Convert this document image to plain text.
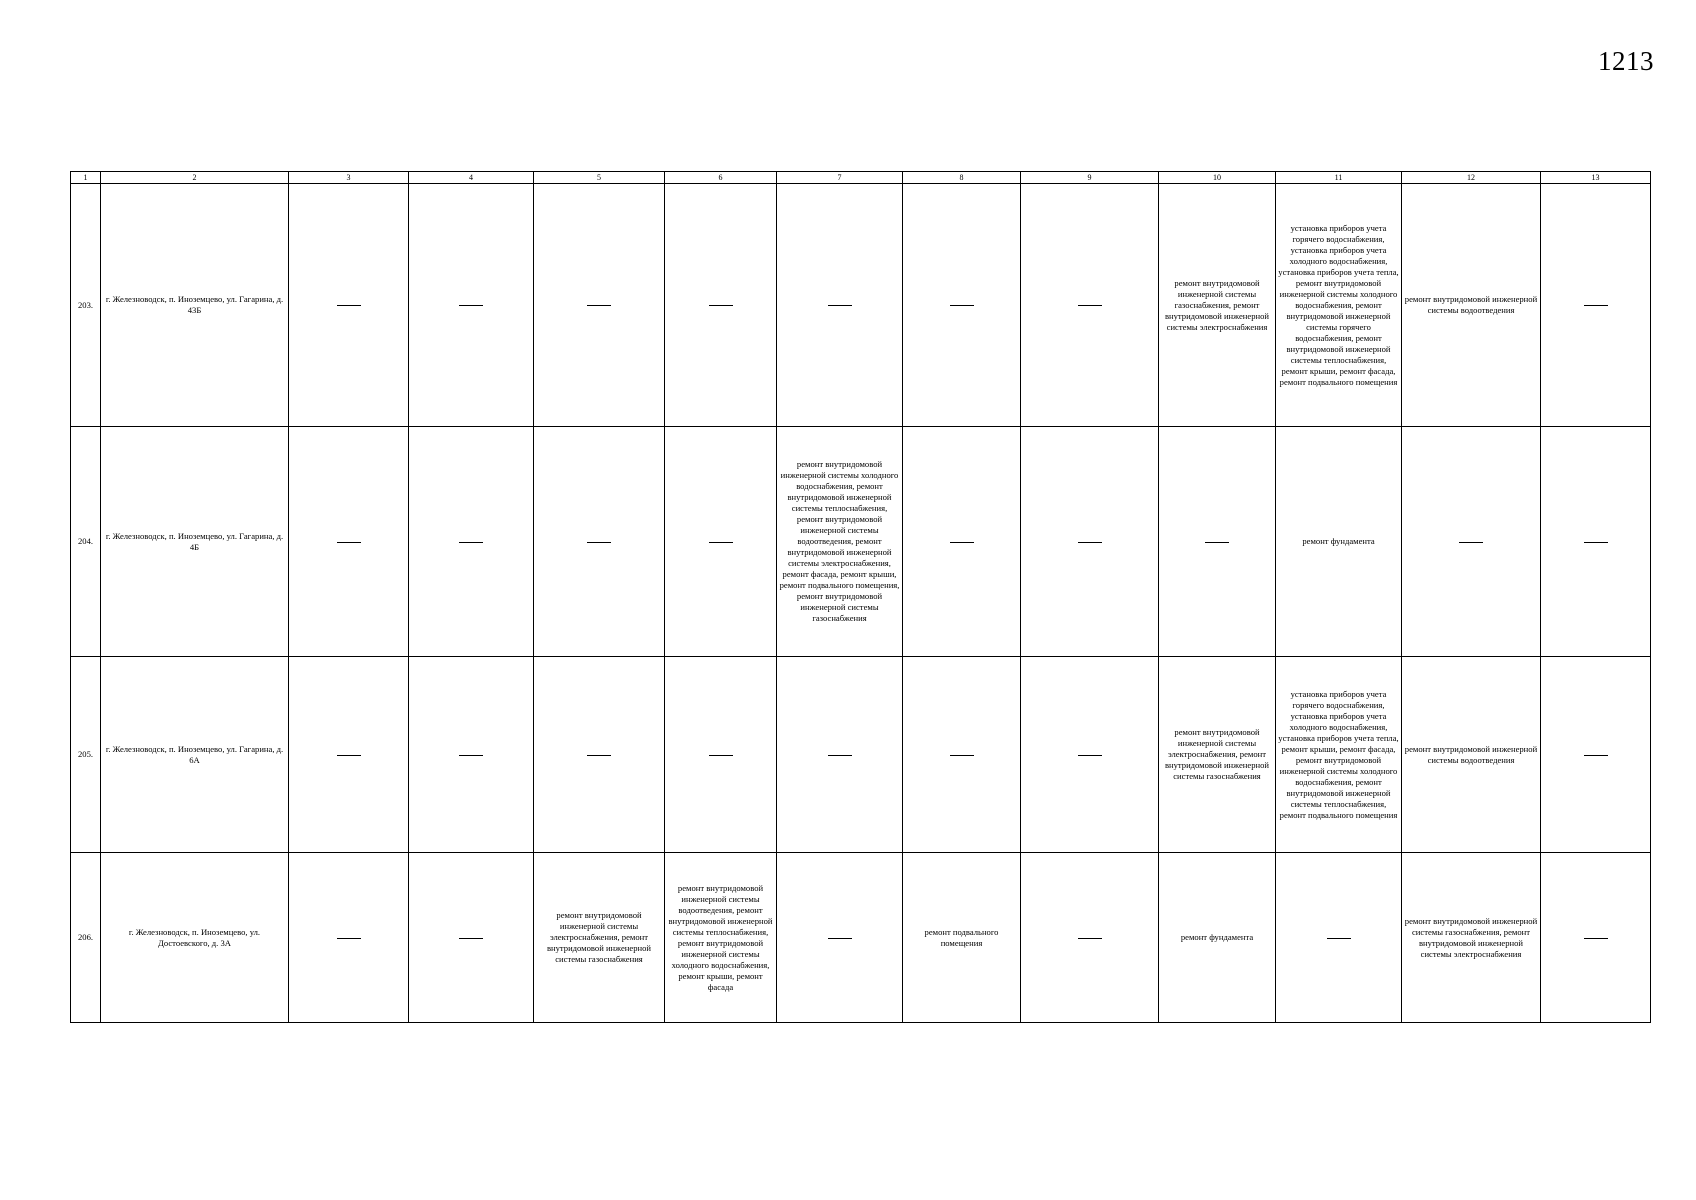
1213
1	2	3	4	5	6	7	8	9	10	11	12	13
203.	г. Железноводск, п. Иноземцево, ул. Гагарина, д. 43Б								ремонт внутридомовой инженерной системы газоснабжения, ремонт внутридомовой инженерной системы электроснабжения	установка приборов учета горячего водоснабжения, установка приборов учета холодного водоснабжения, установка приборов учета тепла, ремонт внутридомовой инженерной системы холодного водоснабжения, ремонт внутридомовой инженерной системы горячего водоснабжения, ремонт внутридомовой инженерной системы теплоснабжения, ремонт крыши, ремонт фасада, ремонт подвального помещения	ремонт внутридомовой инженерной системы водоотведения	
204.	г. Железноводск, п. Иноземцево, ул. Гагарина, д. 4Б					ремонт внутридомовой инженерной системы холодного водоснабжения, ремонт внутридомовой инженерной системы теплоснабжения, ремонт внутридомовой инженерной системы водоотведения, ремонт внутридомовой инженерной системы электроснабжения, ремонт фасада, ремонт крыши, ремонт подвального помещения, ремонт внутридомовой инженерной системы газоснабжения				ремонт фундамента		
205.	г. Железноводск, п. Иноземцево, ул. Гагарина, д. 6А								ремонт внутридомовой инженерной системы электроснабжения, ремонт внутридомовой инженерной системы газоснабжения	установка приборов учета горячего водоснабжения, установка приборов учета холодного водоснабжения, установка приборов учета тепла, ремонт крыши, ремонт фасада, ремонт внутридомовой инженерной системы холодного водоснабжения, ремонт внутридомовой инженерной системы теплоснабжения, ремонт подвального помещения	ремонт внутридомовой инженерной системы водоотведения	
206.	г. Железноводск, п. Иноземцево, ул. Достоевского, д. 3А			ремонт внутридомовой инженерной системы электроснабжения, ремонт внутридомовой инженерной системы газоснабжения	ремонт внутридомовой инженерной системы водоотведения, ремонт внутридомовой инженерной системы теплоснабжения, ремонт внутридомовой инженерной системы холодного водоснабжения, ремонт крыши, ремонт фасада		ремонт подвального помещения		ремонт фундамента		ремонт внутридомовой инженерной системы газоснабжения, ремонт внутридомовой инженерной системы электроснабжения	
